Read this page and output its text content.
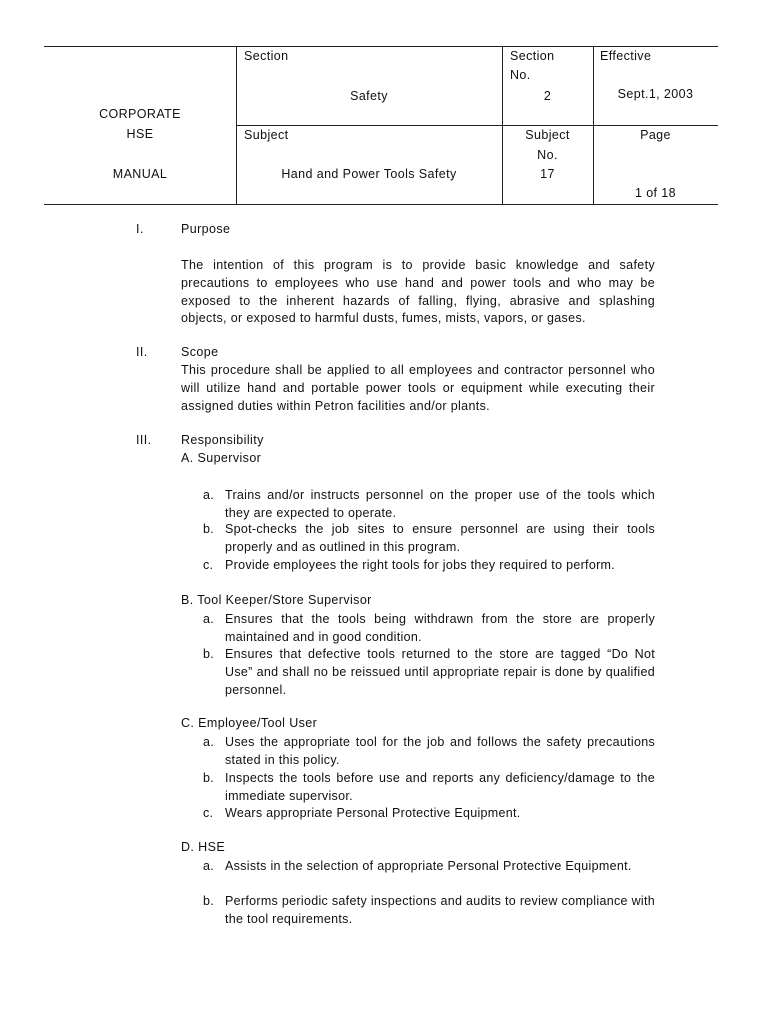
CORPORATE
HSE
MANUAL
Section
Safety
Section
No.
2
Effective
Sept.1, 2003
Subject
Hand and Power Tools Safety
Subject
No.
17
Page
1 of 18
I.	Purpose
The intention of this program is to provide basic knowledge and safety precautions to employees who use hand and power tools and who may be exposed to the inherent hazards of falling, flying, abrasive and splashing objects, or exposed to harmful dusts, fumes, mists, vapors, or gases.
II.	Scope
This procedure shall be applied to all employees and contractor personnel who will utilize hand and portable power tools or equipment while executing their assigned duties within Petron facilities and/or plants.
III. Responsibility
A. Supervisor
a. Trains and/or instructs personnel on the proper use of the tools which they are expected to operate.
b. Spot-checks the job sites to ensure personnel are using their tools properly and as outlined in this program.
c. Provide employees the right tools for jobs they required to perform.
B. Tool Keeper/Store Supervisor
a. Ensures that the tools being withdrawn from the store are properly maintained and in good condition.
b. Ensures that defective tools returned to the store are tagged “Do Not Use” and shall no be reissued until appropriate repair is done by qualified personnel.
C. Employee/Tool User
a. Uses the appropriate tool for the job and follows the safety precautions stated in this policy.
b. Inspects the tools before use and reports any deficiency/damage to the immediate supervisor.
c. Wears appropriate Personal Protective Equipment.
D. HSE
a. Assists in the selection of appropriate Personal Protective Equipment.
b. Performs periodic safety inspections and audits to review compliance with the tool requirements.
